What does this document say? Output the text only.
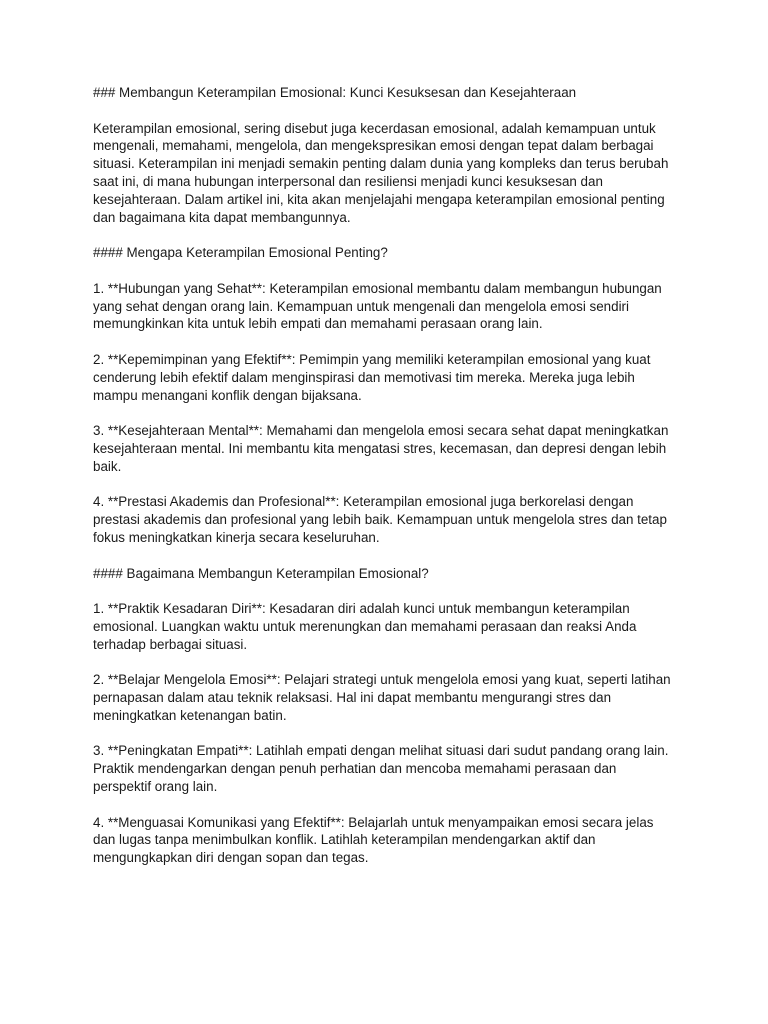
### Membangun Keterampilan Emosional: Kunci Kesuksesan dan Kesejahteraan

Keterampilan emosional, sering disebut juga kecerdasan emosional, adalah kemampuan untuk mengenali, memahami, mengelola, dan mengekspresikan emosi dengan tepat dalam berbagai situasi. Keterampilan ini menjadi semakin penting dalam dunia yang kompleks dan terus berubah saat ini, di mana hubungan interpersonal dan resiliensi menjadi kunci kesuksesan dan kesejahteraan. Dalam artikel ini, kita akan menjelajahi mengapa keterampilan emosional penting dan bagaimana kita dapat membangunnya.

#### Mengapa Keterampilan Emosional Penting?

1. **Hubungan yang Sehat**: Keterampilan emosional membantu dalam membangun hubungan yang sehat dengan orang lain. Kemampuan untuk mengenali dan mengelola emosi sendiri memungkinkan kita untuk lebih empati dan memahami perasaan orang lain.

2. **Kepemimpinan yang Efektif**: Pemimpin yang memiliki keterampilan emosional yang kuat cenderung lebih efektif dalam menginspirasi dan memotivasi tim mereka. Mereka juga lebih mampu menangani konflik dengan bijaksana.

3. **Kesejahteraan Mental**: Memahami dan mengelola emosi secara sehat dapat meningkatkan kesejahteraan mental. Ini membantu kita mengatasi stres, kecemasan, dan depresi dengan lebih baik.

4. **Prestasi Akademis dan Profesional**: Keterampilan emosional juga berkorelasi dengan prestasi akademis dan profesional yang lebih baik. Kemampuan untuk mengelola stres dan tetap fokus meningkatkan kinerja secara keseluruhan.

#### Bagaimana Membangun Keterampilan Emosional?

1. **Praktik Kesadaran Diri**: Kesadaran diri adalah kunci untuk membangun keterampilan emosional. Luangkan waktu untuk merenungkan dan memahami perasaan dan reaksi Anda terhadap berbagai situasi.

2. **Belajar Mengelola Emosi**: Pelajari strategi untuk mengelola emosi yang kuat, seperti latihan pernapasan dalam atau teknik relaksasi. Hal ini dapat membantu mengurangi stres dan meningkatkan ketenangan batin.

3. **Peningkatan Empati**: Latihlah empati dengan melihat situasi dari sudut pandang orang lain. Praktik mendengarkan dengan penuh perhatian dan mencoba memahami perasaan dan perspektif orang lain.

4. **Menguasai Komunikasi yang Efektif**: Belajarlah untuk menyampaikan emosi secara jelas dan lugas tanpa menimbulkan konflik. Latihlah keterampilan mendengarkan aktif dan mengungkapkan diri dengan sopan dan tegas.
